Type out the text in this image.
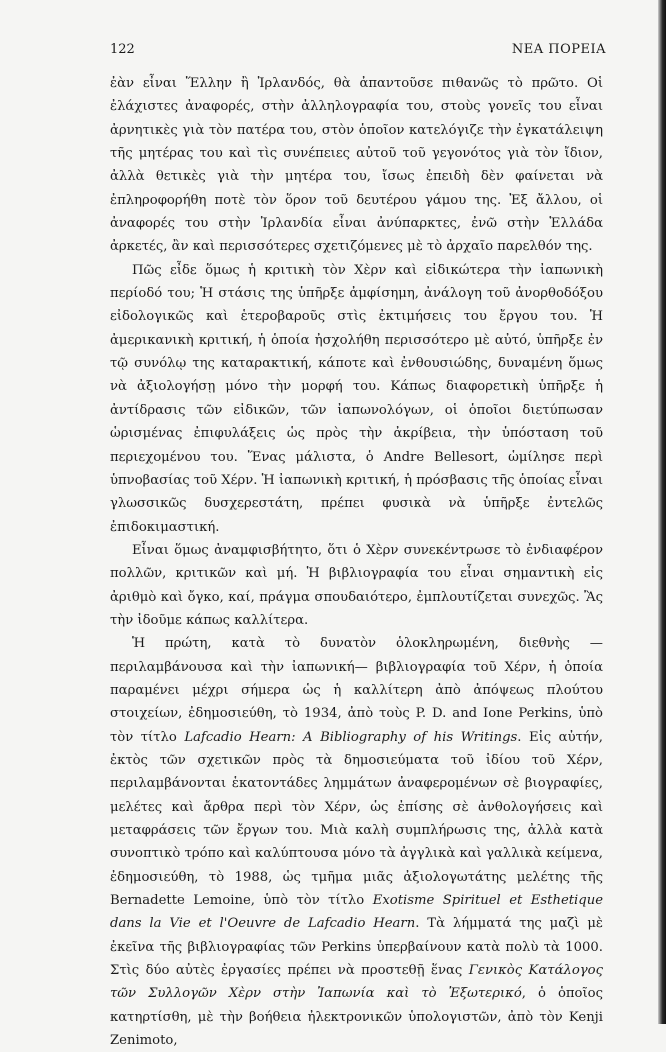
122	ΝΕΑ ΠΟΡΕΙΑ

ἐὰν εἶναι Ἕλλην ἢ Ἰρλανδός, θὰ ἀπαντοῦσε πιθανῶς τὸ πρῶτο. Οἱ ἐλάχιστες ἀναφορές, στὴν ἀλληλογραφία του, στοὺς γονεῖς του εἶναι ἀρνητικὲς γιὰ τὸν πατέρα του, στὸν ὁποῖον κατελόγιζε τὴν ἐγκατάλειψη τῆς μητέρας του καὶ τὶς συνέπειες αὐτοῦ τοῦ γεγονότος γιὰ τὸν ἴδιον, ἀλλὰ θετικὲς γιὰ τὴν μητέρα του, ἴσως ἐπειδὴ δὲν φαίνεται νὰ ἐπληροφορήθη ποτὲ τὸν ὅρον τοῦ δευτέρου γάμου της. Ἐξ ἄλλου, οἱ ἀναφορές του στὴν Ἰρλανδία εἶναι ἀνύπαρκτες, ἐνῶ στὴν Ἑλλάδα ἀρκετές, ἂν καὶ περισσότερες σχετιζόμενες μὲ τὸ ἀρχαῖο παρελθόν της.

Πῶς εἶδε ὅμως ἡ κριτικὴ τὸν Χὲρν καὶ εἰδικώτερα τὴν ἰαπωνικὴ περίοδό του; Ἡ στάσις της ὑπῆρξε ἀμφίσημη, ἀνάλογη τοῦ ἀνορθοδόξου εἰδολογικῶς καὶ ἑτεροβαροῦς στὶς ἐκτιμήσεις του ἔργου του. Ἡ ἀμερικανικὴ κριτική, ἡ ὁποία ἠσχολήθη περισσότερο μὲ αὐτό, ὑπῆρξε ἐν τῷ συνόλῳ της καταρακτική, κάποτε καὶ ἐνθουσιώδης, δυναμένη ὅμως νὰ ἀξιολογήσῃ μόνο τὴν μορφή του. Κάπως διαφορετικὴ ὑπῆρξε ἡ ἀντίδρασις τῶν εἰδικῶν, τῶν ἰαπωνολόγων, οἱ ὁποῖοι διετύπωσαν ὡρισμένας ἐπιφυλάξεις ὡς πρὸς τὴν ἀκρίβεια, τὴν ὑπόσταση τοῦ περιεχομένου του. Ἕνας μάλιστα, ὁ Andre Bellesort, ὡμίλησε περὶ ὑπνοβασίας τοῦ Χέρν. Ἡ ἰαπωνικὴ κριτική, ἡ πρόσβασις τῆς ὁποίας εἶναι γλωσσικῶς δυσχερεστάτη, πρέπει φυσικὰ νὰ ὑπῆρξε ἐντελῶς ἐπιδοκιμαστική.

Εἶναι ὅμως ἀναμφισβήτητο, ὅτι ὁ Χὲρν συνεκέντρωσε τὸ ἐνδιαφέρον πολλῶν, κριτικῶν καὶ μή. Ἡ βιβλιογραφία του εἶναι σημαντικὴ εἰς ἀριθμὸ καὶ ὄγκο, καί, πράγμα σπουδαιότερο, ἐμπλουτίζεται συνεχῶς. Ἂς τὴν ἰδοῦμε κάπως καλλίτερα.

Ἡ πρώτη, κατὰ τὸ δυνατὸν ὁλοκληρωμένη, διεθνὴς —περιλαμβάνουσα καὶ τὴν ἰαπωνική— βιβλιογραφία τοῦ Χέρν, ἡ ὁποία παραμένει μέχρι σήμερα ὡς ἡ καλλίτερη ἀπὸ ἀπόψεως πλούτου στοιχείων, ἐδημοσιεύθη, τὸ 1934, ἀπὸ τοὺς P. D. and Ione Perkins, ὑπὸ τὸν τίτλο Lafcadio Hearn: A Bibliography of his Writings. Εἰς αὐτήν, ἐκτὸς τῶν σχετικῶν πρὸς τὰ δημοσιεύματα τοῦ ἰδίου τοῦ Χέρν, περιλαμβάνονται ἑκατοντάδες λημμάτων ἀναφερομένων σὲ βιογραφίες, μελέτες καὶ ἄρθρα περὶ τὸν Χέρν, ὡς ἐπίσης σὲ ἀνθολογήσεις καὶ μεταφράσεις τῶν ἔργων του. Μιὰ καλὴ συμπλήρωσις της, ἀλλὰ κατὰ συνοπτικὸ τρόπο καὶ καλύπτουσα μόνο τὰ ἀγγλικὰ καὶ γαλλικὰ κείμενα, ἐδημοσιεύθη, τὸ 1988, ὡς τμῆμα μιᾶς ἀξιολογωτάτης μελέτης τῆς Bernadette Lemoine, ὑπὸ τὸν τίτλο Exotisme Spirituel et Esthetique dans la Vie et l'Oeuvre de Lafcadio Hearn. Τὰ λήμματά της μαζὶ μὲ ἐκεῖνα τῆς βιβλιογραφίας τῶν Perkins ὑπερβαίνουν κατὰ πολὺ τὰ 1000. Στὶς δύο αὐτὲς ἐργασίες πρέπει νὰ προστεθῇ ἕνας Γενικὸς Κατάλογος τῶν Συλλογῶν Χὲρν στὴν Ἰαπωνία καὶ τὸ Ἐξωτερικό, ὁ ὁποῖος κατηρτίσθη, μὲ τὴν βοήθεια ἠλεκτρονικῶν ὑπολογιστῶν, ἀπὸ τὸν Kenji Zenimoto,
